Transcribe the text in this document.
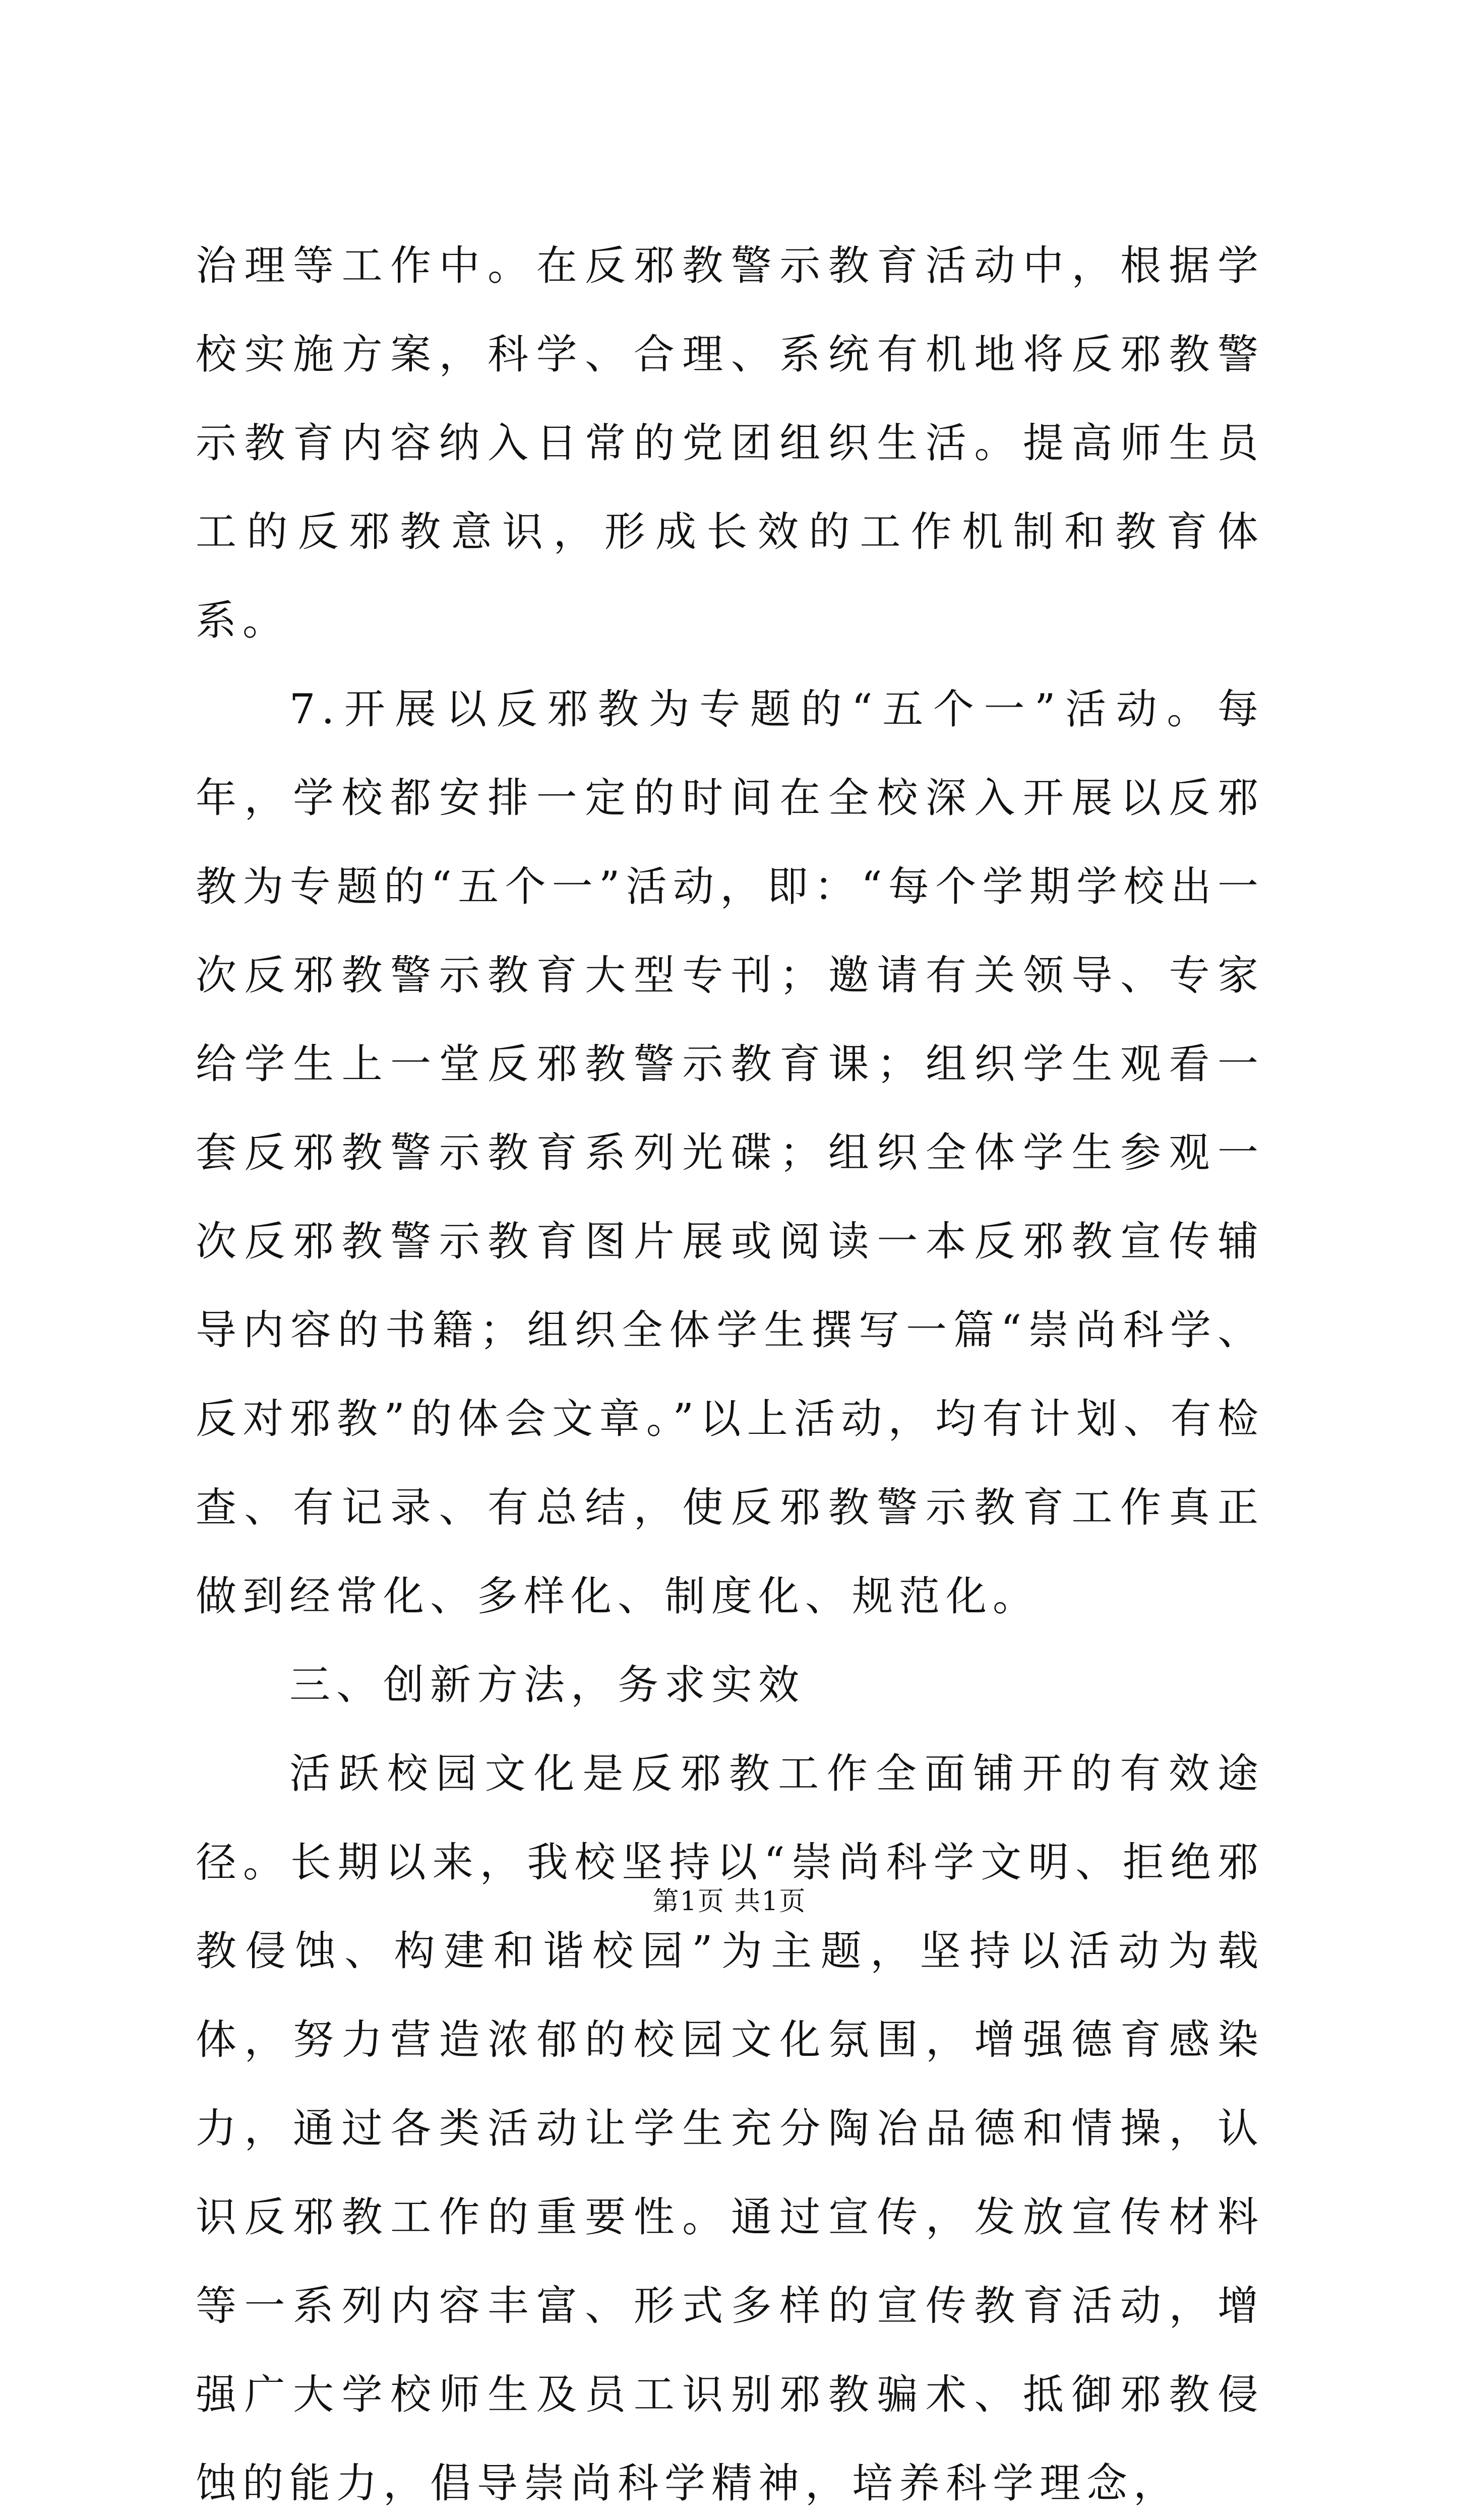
治理等工作中。在反邪教警示教育活动中，根据学校实施方案，科学、合理、系统有机地将反邪教警示教育内容纳入日常的党团组织生活。提高师生员工的反邪教意识，形成长效的工作机制和教育体系。

7.开展以反邪教为专题的“五个一”活动。每年，学校都安排一定的时间在全校深入开展以反邪教为专题的“五个一”活动，即：“每个学期学校出一次反邪教警示教育大型专刊；邀请有关领导、专家给学生上一堂反邪教警示教育课；组织学生观看一套反邪教警示教育系列光碟；组织全体学生参观一次反邪教警示教育图片展或阅读一本反邪教宣传辅导内容的书籍；组织全体学生撰写一篇“崇尚科学、反对邪教”的体会文章。”以上活动，均有计划、有检查、有记录、有总结，使反邪教警示教育工作真正做到经常化、多样化、制度化、规范化。

三、创新方法，务求实效

活跃校园文化是反邪教工作全面铺开的有效途径。长期以来，我校坚持以“崇尚科学文明、拒绝邪教侵蚀、构建和谐校园”为主题，坚持以活动为载体，努力营造浓郁的校园文化氛围，增强德育感染力，通过各类活动让学生充分陶冶品德和情操，认识反邪教工作的重要性。通过宣传，发放宣传材料等一系列内容丰富、形式多样的宣传教育活动，增强广大学校师生及员工识别邪教骗术、抵御邪教侵蚀的能力，倡导崇尚科学精神，培养科学理念，

第1页 共1页
